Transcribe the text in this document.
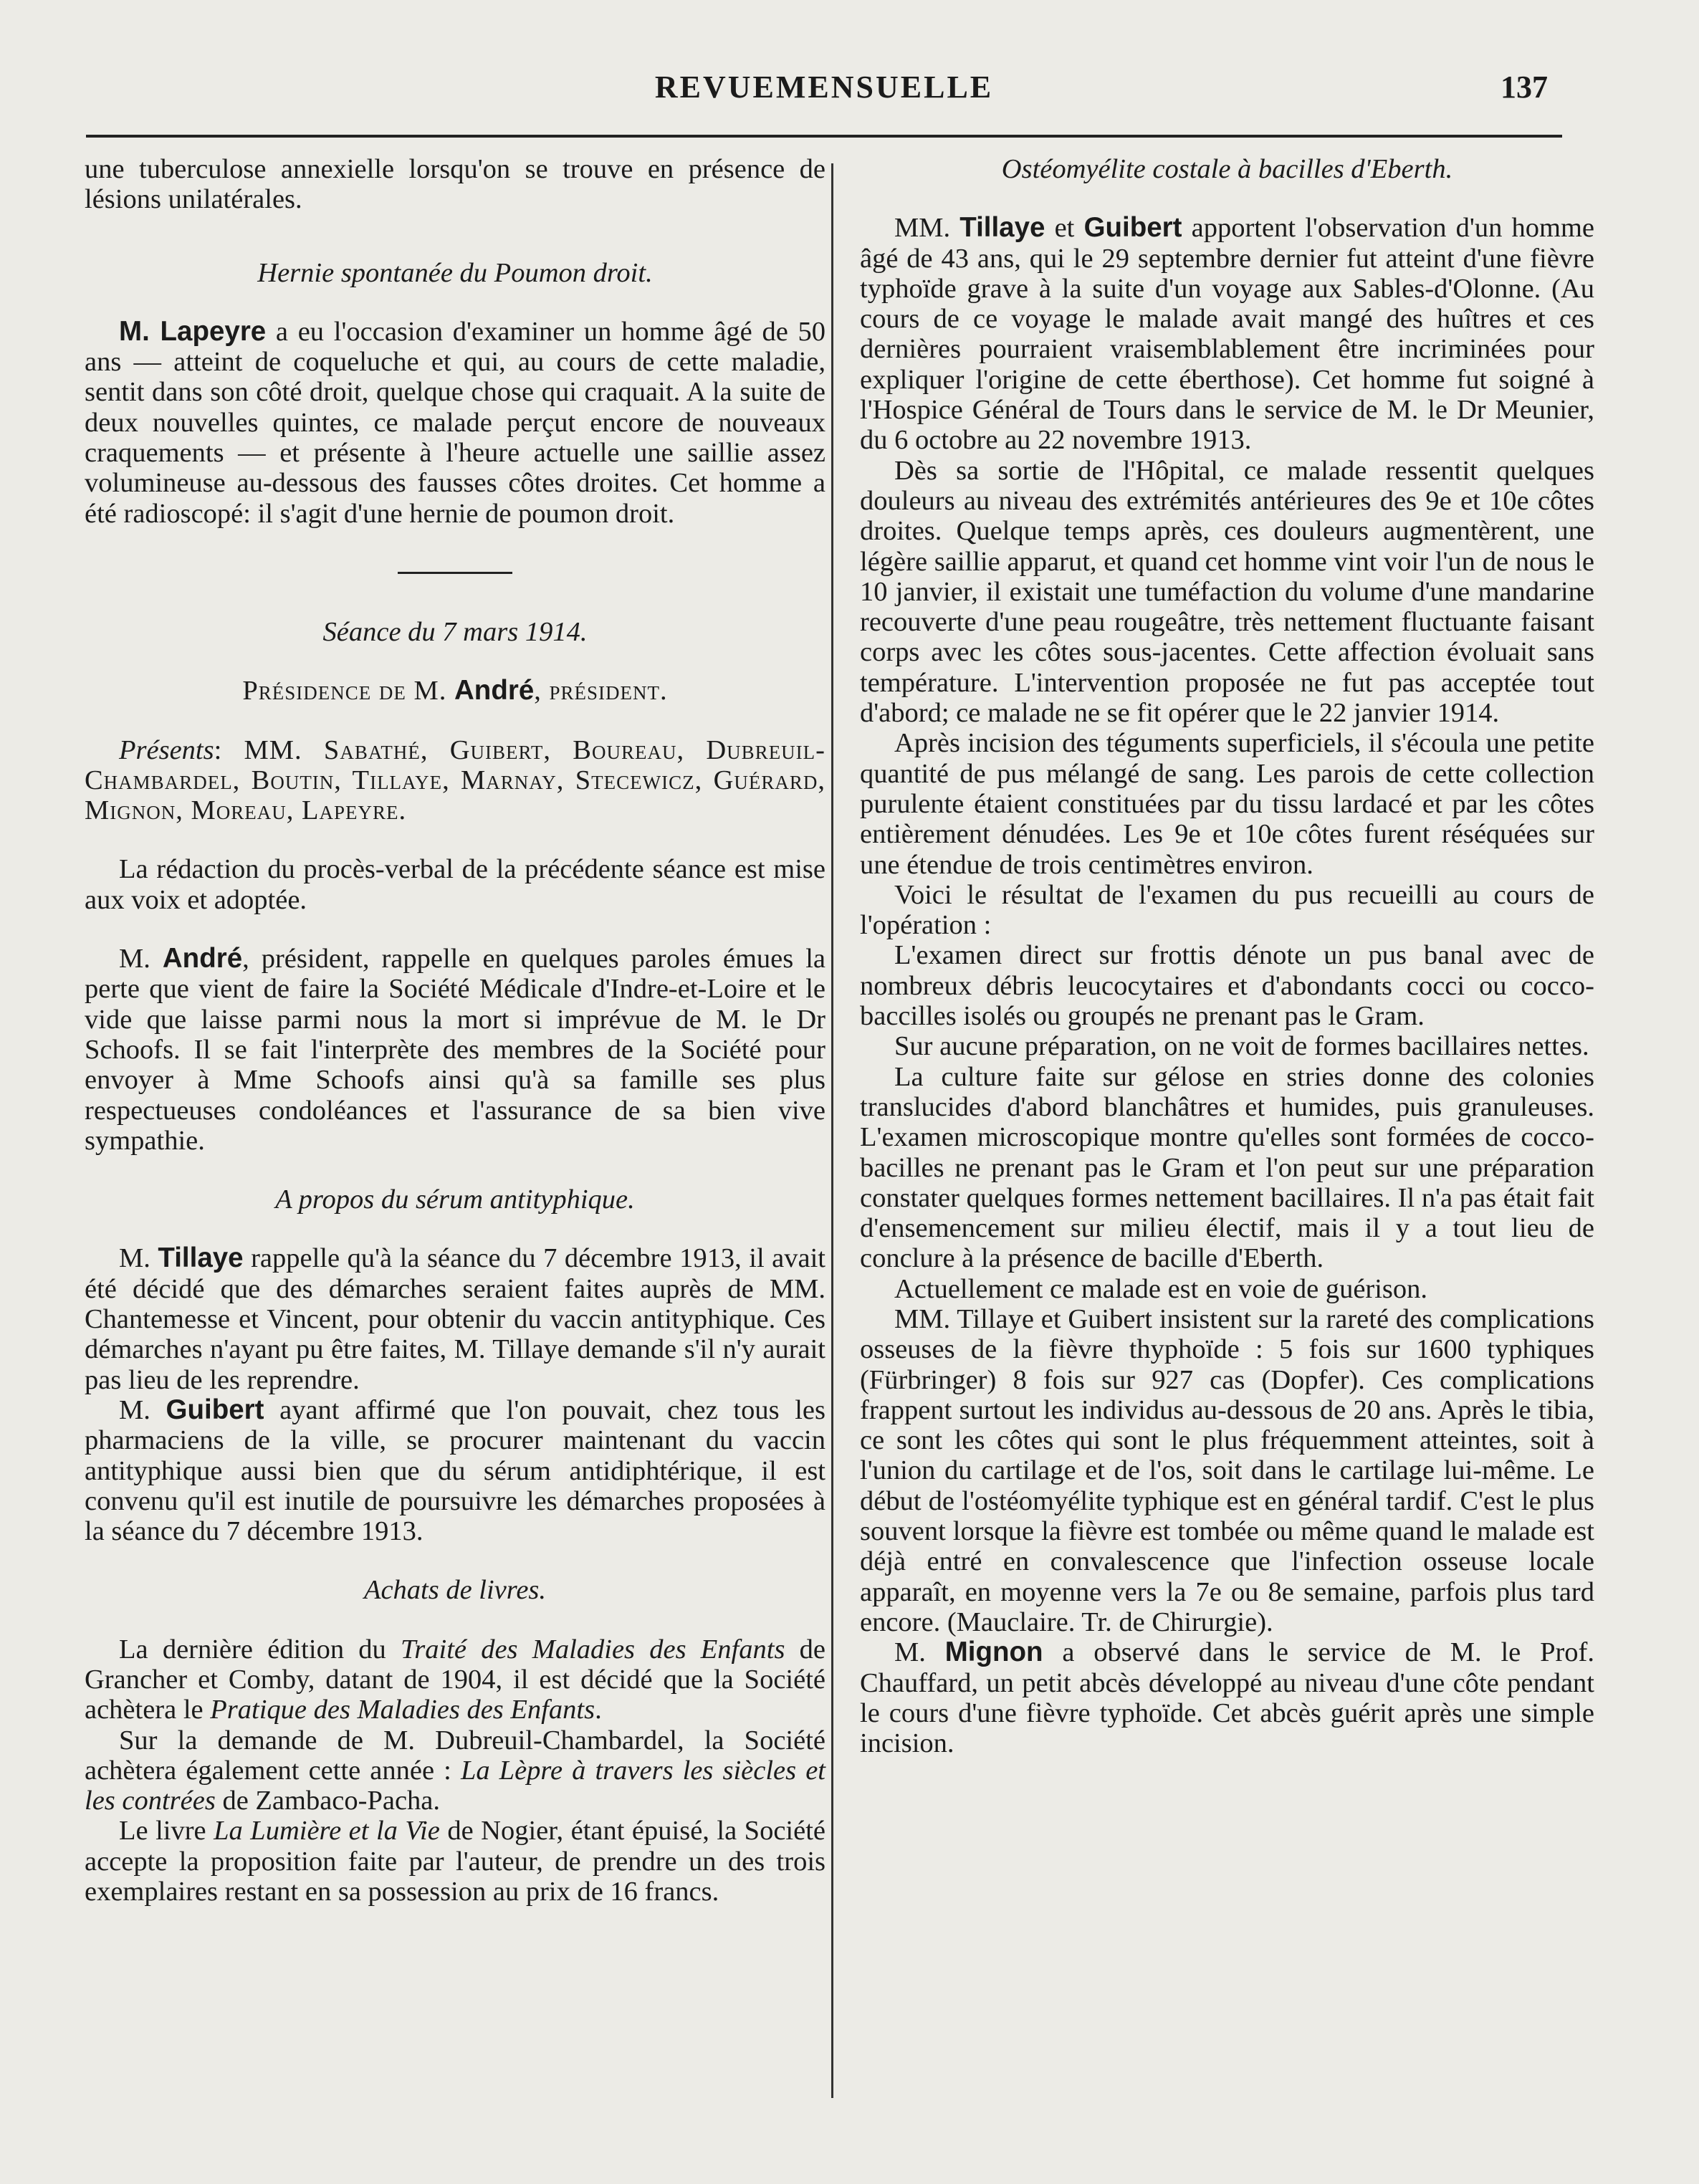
REVUEMENSUELLE	137

une tuberculose annexielle lorsqu'on se trouve en présence de lésions unilatérales.

Hernie spontanée du Poumon droit.

M. Lapeyre a eu l'occasion d'examiner un homme âgé de 50 ans — atteint de coqueluche et qui, au cours de cette maladie, sentit dans son côté droit, quelque chose qui craquait. A la suite de deux nouvelles quintes, ce malade perçut encore de nouveaux craquements — et présente à l'heure actuelle une saillie assez volumineuse au-dessous des fausses côtes droites. Cet homme a été radioscopé: il s'agit d'une hernie de poumon droit.

Séance du 7 mars 1914.

Présidence de M. André, président.

Présents: MM. Sabathé, Guibert, Boureau, Dubreuil-Chambardel, Boutin, Tillaye, Marnay, Stecewicz, Guérard, Mignon, Moreau, Lapeyre.

La rédaction du procès-verbal de la précédente séance est mise aux voix et adoptée.

M. André, président, rappelle en quelques paroles émues la perte que vient de faire la Société Médicale d'Indre-et-Loire et le vide que laisse parmi nous la mort si imprévue de M. le Dr Schoofs. Il se fait l'interprète des membres de la Société pour envoyer à Mme Schoofs ainsi qu'à sa famille ses plus respectueuses condoléances et l'assurance de sa bien vive sympathie.

A propos du sérum antityphique.

M. Tillaye rappelle qu'à la séance du 7 décembre 1913, il avait été décidé que des démarches seraient faites auprès de MM. Chantemesse et Vincent, pour obtenir du vaccin antityphique. Ces démarches n'ayant pu être faites, M. Tillaye demande s'il n'y aurait pas lieu de les reprendre.

M. Guibert ayant affirmé que l'on pouvait, chez tous les pharmaciens de la ville, se procurer maintenant du vaccin antityphique aussi bien que du sérum antidiphtérique, il est convenu qu'il est inutile de poursuivre les démarches proposées à la séance du 7 décembre 1913.

Achats de livres.

La dernière édition du Traité des Maladies des Enfants de Grancher et Comby, datant de 1904, il est décidé que la Société achètera le Pratique des Maladies des Enfants.

Sur la demande de M. Dubreuil-Chambardel, la Société achètera également cette année : La Lèpre à travers les siècles et les contrées de Zambaco-Pacha.

Le livre La Lumière et la Vie de Nogier, étant épuisé, la Société accepte la proposition faite par l'auteur, de prendre un des trois exemplaires restant en sa possession au prix de 16 francs.

Ostéomyélite costale à bacilles d'Eberth.

MM. Tillaye et Guibert apportent l'observation d'un homme âgé de 43 ans, qui le 29 septembre dernier fut atteint d'une fièvre typhoïde grave à la suite d'un voyage aux Sables-d'Olonne. (Au cours de ce voyage le malade avait mangé des huîtres et ces dernières pourraient vraisemblablement être incriminées pour expliquer l'origine de cette éberthose). Cet homme fut soigné à l'Hospice Général de Tours dans le service de M. le Dr Meunier, du 6 octobre au 22 novembre 1913.

Dès sa sortie de l'Hôpital, ce malade ressentit quelques douleurs au niveau des extrémités antérieures des 9e et 10e côtes droites. Quelque temps après, ces douleurs augmentèrent, une légère saillie apparut, et quand cet homme vint voir l'un de nous le 10 janvier, il existait une tuméfaction du volume d'une mandarine recouverte d'une peau rougeâtre, très nettement fluctuante faisant corps avec les côtes sous-jacentes. Cette affection évoluait sans température. L'intervention proposée ne fut pas acceptée tout d'abord; ce malade ne se fit opérer que le 22 janvier 1914.

Après incision des téguments superficiels, il s'écoula une petite quantité de pus mélangé de sang. Les parois de cette collection purulente étaient constituées par du tissu lardacé et par les côtes entièrement dénudées. Les 9e et 10e côtes furent réséquées sur une étendue de trois centimètres environ.

Voici le résultat de l'examen du pus recueilli au cours de l'opération :

L'examen direct sur frottis dénote un pus banal avec de nombreux débris leucocytaires et d'abondants cocci ou cocco-baccilles isolés ou groupés ne prenant pas le Gram.

Sur aucune préparation, on ne voit de formes bacillaires nettes.

La culture faite sur gélose en stries donne des colonies translucides d'abord blanchâtres et humides, puis granuleuses. L'examen microscopique montre qu'elles sont formées de cocco-bacilles ne prenant pas le Gram et l'on peut sur une préparation constater quelques formes nettement bacillaires. Il n'a pas était fait d'ensemencement sur milieu électif, mais il y a tout lieu de conclure à la présence de bacille d'Eberth.

Actuellement ce malade est en voie de guérison.

MM. Tillaye et Guibert insistent sur la rareté des complications osseuses de la fièvre thyphoïde : 5 fois sur 1600 typhiques (Fürbringer) 8 fois sur 927 cas (Dopfer). Ces complications frappent surtout les individus au-dessous de 20 ans. Après le tibia, ce sont les côtes qui sont le plus fréquemment atteintes, soit à l'union du cartilage et de l'os, soit dans le cartilage lui-même. Le début de l'ostéomyélite typhique est en général tardif. C'est le plus souvent lorsque la fièvre est tombée ou même quand le malade est déjà entré en convalescence que l'infection osseuse locale apparaît, en moyenne vers la 7e ou 8e semaine, parfois plus tard encore. (Mauclaire. Tr. de Chirurgie).

M. Mignon a observé dans le service de M. le Prof. Chauffard, un petit abcès développé au niveau d'une côte pendant le cours d'une fièvre typhoïde. Cet abcès guérit après une simple incision.
